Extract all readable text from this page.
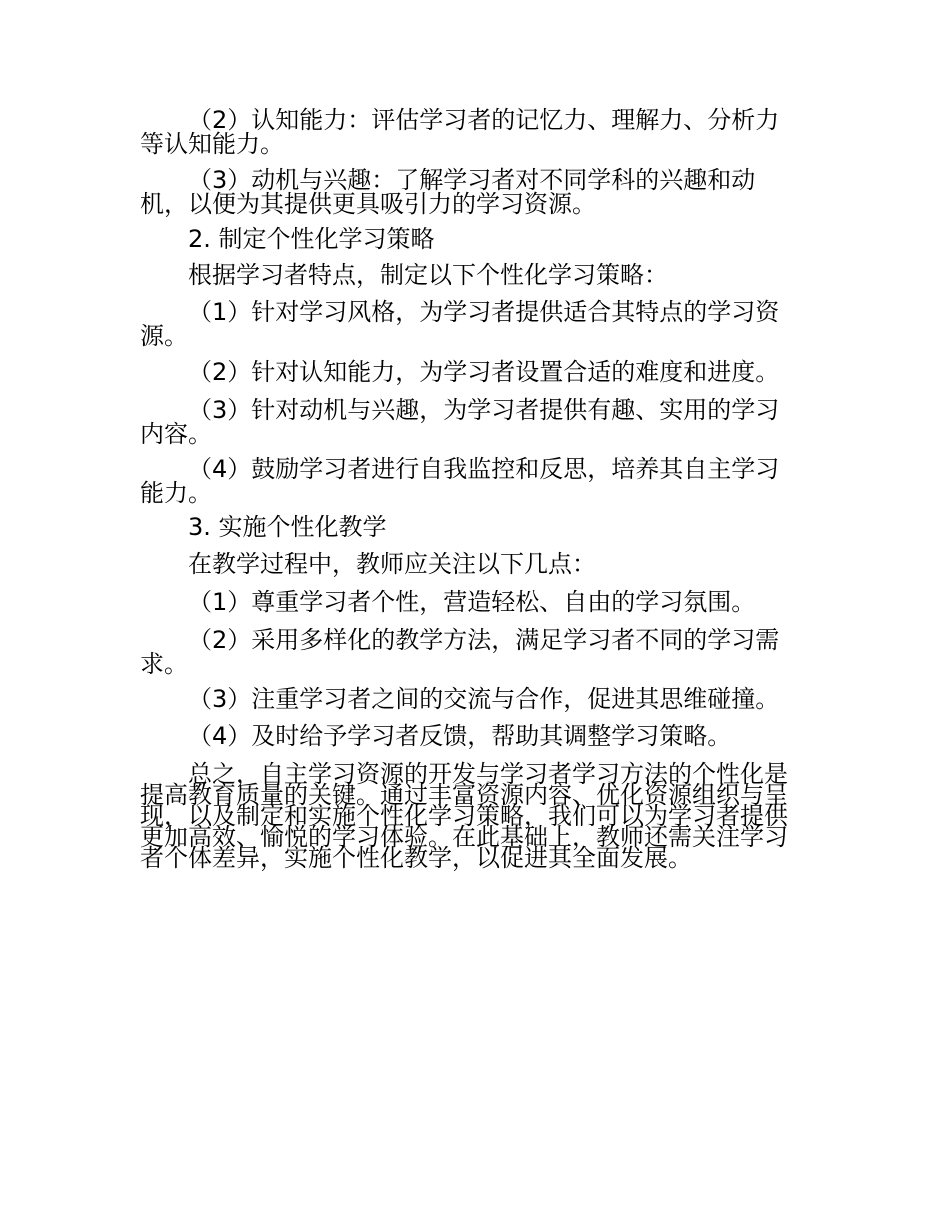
（2）认知能力：评估学习者的记忆力、理解力、分析力
等认知能力。
（3）动机与兴趣：了解学习者对不同学科的兴趣和动
机，以便为其提供更具吸引力的学习资源。
2. 制定个性化学习策略
根据学习者特点，制定以下个性化学习策略：
（1）针对学习风格，为学习者提供适合其特点的学习资
源。
（2）针对认知能力，为学习者设置合适的难度和进度。
（3）针对动机与兴趣，为学习者提供有趣、实用的学习
内容。
（4）鼓励学习者进行自我监控和反思，培养其自主学习
能力。
3. 实施个性化教学
在教学过程中，教师应关注以下几点：
（1）尊重学习者个性，营造轻松、自由的学习氛围。
（2）采用多样化的教学方法，满足学习者不同的学习需
求。
（3）注重学习者之间的交流与合作，促进其思维碰撞。
（4）及时给予学习者反馈，帮助其调整学习策略。
总之，自主学习资源的开发与学习者学习方法的个性化是
提高教育质量的关键。通过丰富资源内容、优化资源组织与呈
现，以及制定和实施个性化学习策略，我们可以为学习者提供
更加高效、愉悦的学习体验。在此基础上，教师还需关注学习
者个体差异，实施个性化教学，以促进其全面发展。
